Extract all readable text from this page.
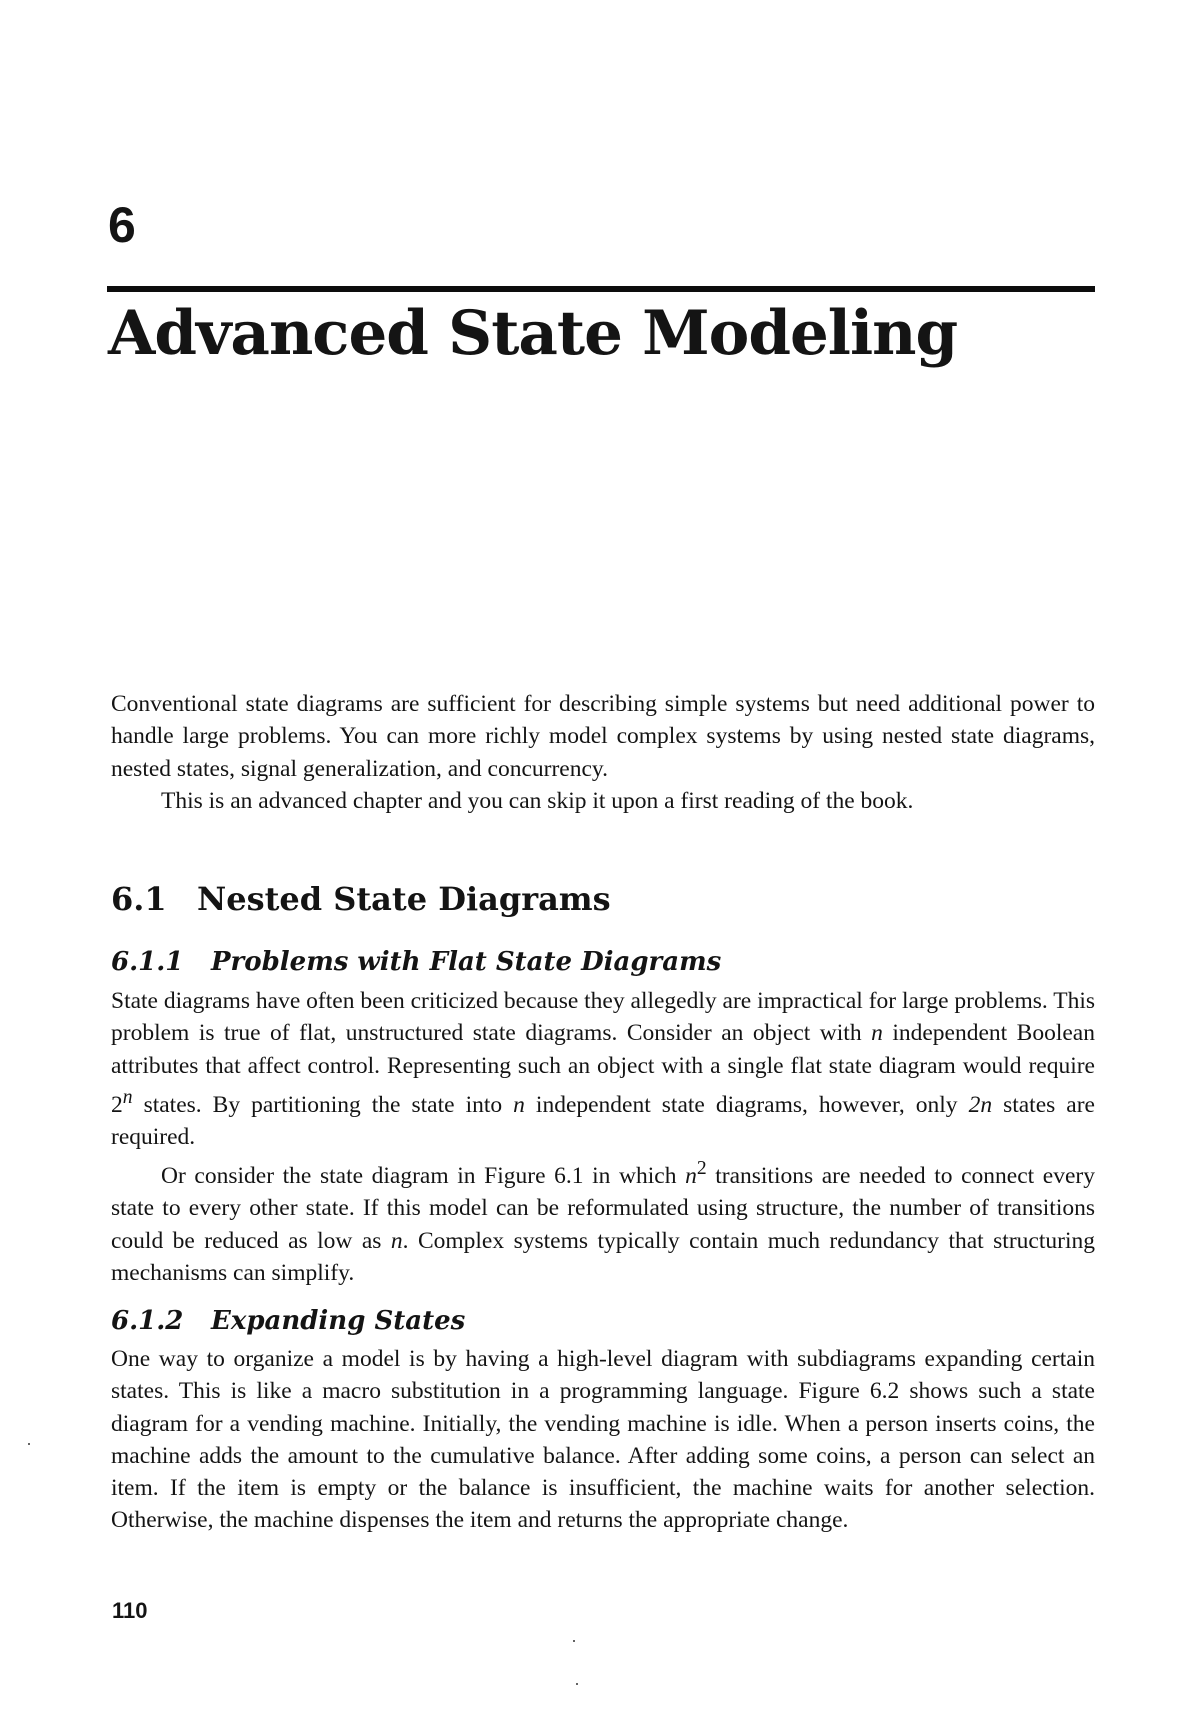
6
Advanced State Modeling

Conventional state diagrams are sufficient for describing simple systems but need additional power to handle large problems. You can more richly model complex systems by using nested state diagrams, nested states, signal generalization, and concurrency.

This is an advanced chapter and you can skip it upon a first reading of the book.

6.1 Nested State Diagrams
6.1.1 Problems with Flat State Diagrams

State diagrams have often been criticized because they allegedly are impractical for large problems. This problem is true of flat, unstructured state diagrams. Consider an object with n independent Boolean attributes that affect control. Representing such an object with a single flat state diagram would require 2$^n$ states. By partitioning the state into n independent state diagrams, however, only 2n states are required.

Or consider the state diagram in Figure 6.1 in which $n^2$ transitions are needed to connect every state to every other state. If this model can be reformulated using structure, the number of transitions could be reduced as low as n. Complex systems typically contain much redundancy that structuring mechanisms can simplify.

6.1.2 Expanding States

One way to organize a model is by having a high-level diagram with subdiagrams expanding certain states. This is like a macro substitution in a programming language. Figure 6.2 shows such a state diagram for a vending machine. Initially, the vending machine is idle. When a person inserts coins, the machine adds the amount to the cumulative balance. After adding some coins, a person can select an item. If the item is empty or the balance is insufficient, the machine waits for another selection. Otherwise, the machine dispenses the item and returns the appropriate change.

110
